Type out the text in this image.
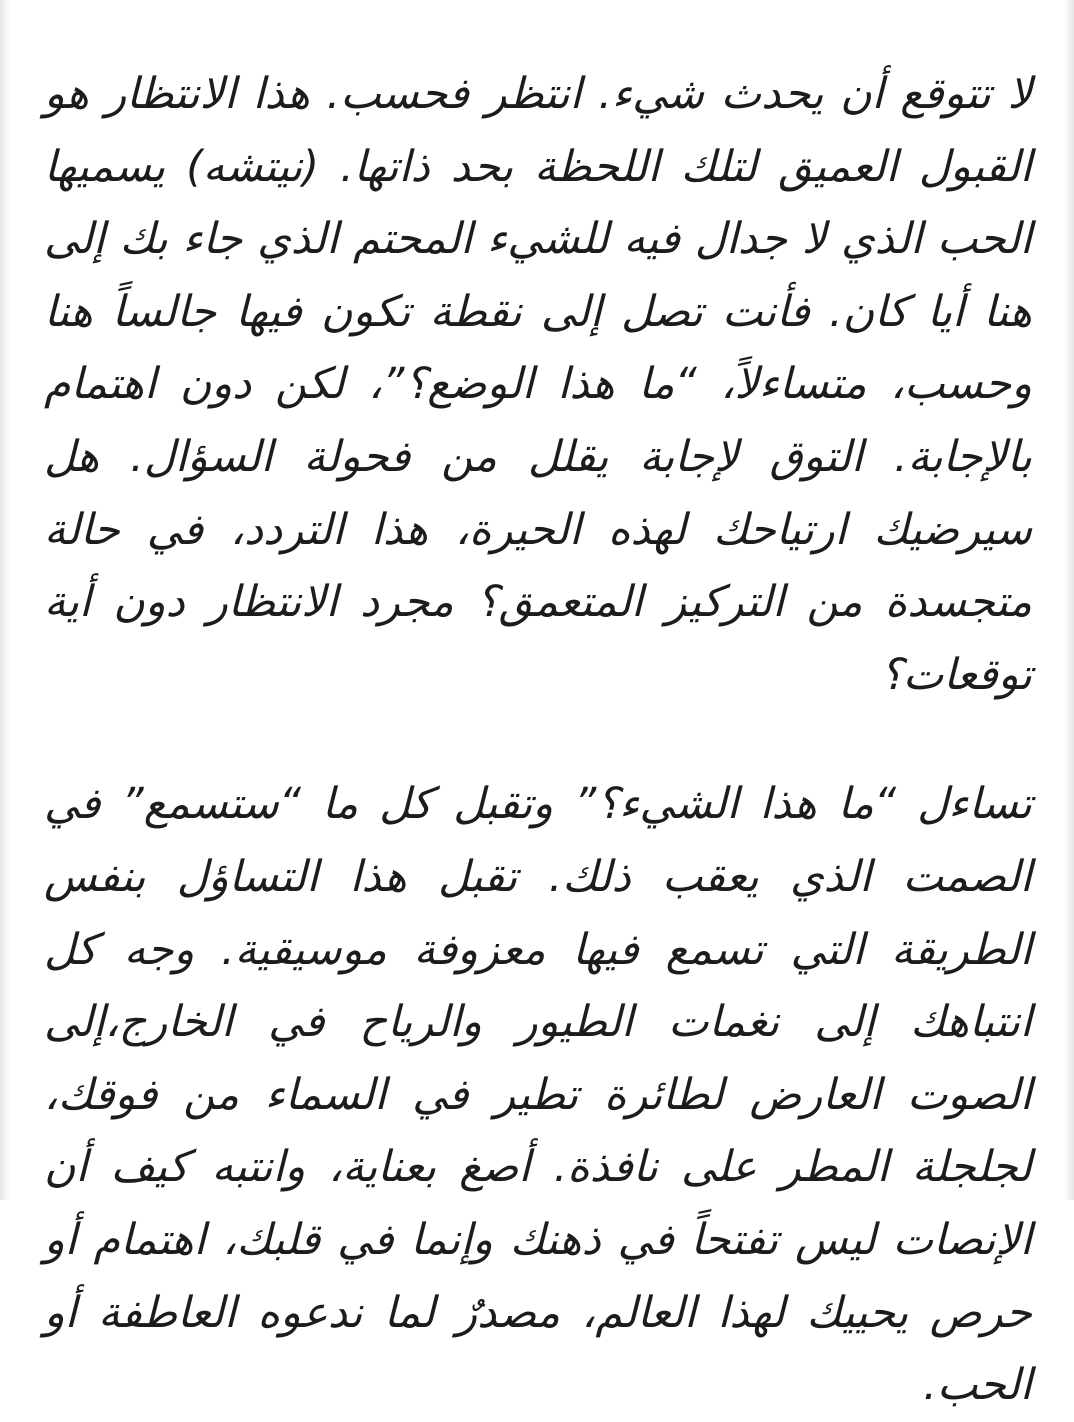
لا تتوقع أن يحدث شيء. انتظر فحسب. هذا الانتظار هو القبول العميق لتلك اللحظة بحد ذاتها. (نيتشه) يسميها الحب الذي لا جدال فيه للشيء المحتم الذي جاء بك إلى هنا أيا كان. فأنت تصل إلى نقطة تكون فيها جالساً هنا وحسب، متساءلاً، “ما هذا الوضع؟”، لكن دون اهتمام بالإجابة. التوق لإجابة يقلل من فحولة السؤال. هل سيرضيك ارتياحك لهذه الحيرة، هذا التردد، في حالة متجسدة من التركيز المتعمق؟ مجرد الانتظار دون أية توقعات؟

تساءل “ما هذا الشيء؟” وتقبل كل ما “ستسمع” في الصمت الذي يعقب ذلك. تقبل هذا التساؤل بنفس الطريقة التي تسمع فيها معزوفة موسيقية. وجه كل انتباهك إلى نغمات الطيور والرياح في الخارج،إلى الصوت العارض لطائرة تطير في السماء من فوقك، لجلجلة المطر على نافذة. أصغ بعناية، وانتبه كيف أن الإنصات ليس تفتحاً في ذهنك وإنما في قلبك، اهتمام أو حرص يحييك لهذا العالم، مصدرٌ لما ندعوه العاطفة أو الحب.
